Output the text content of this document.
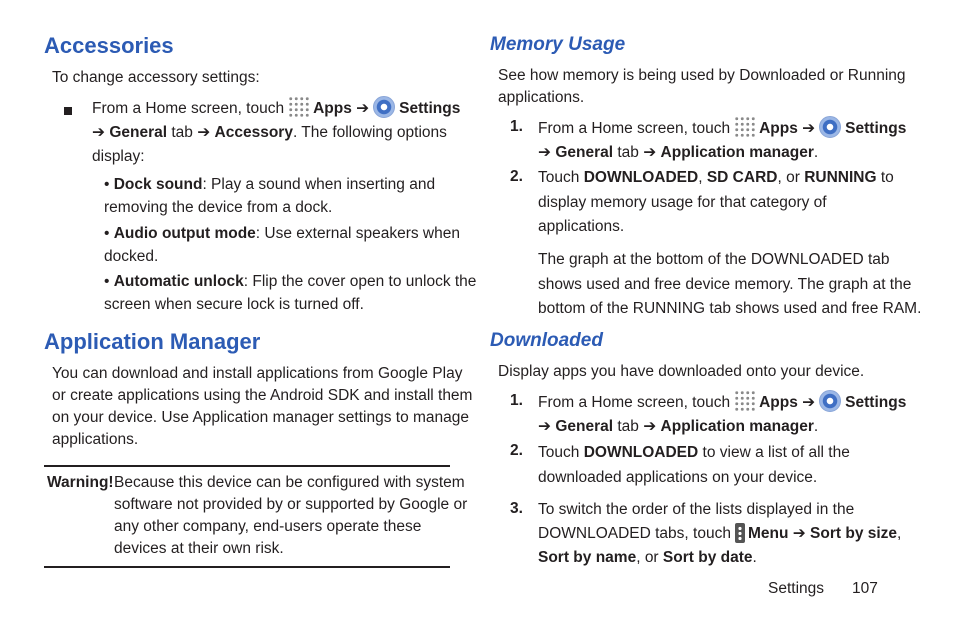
Accessories
To change accessory settings:
From a Home screen, touch Apps ➔ Settings
➔ General tab ➔ Accessory. The following options
display:
• Dock sound: Play a sound when inserting and
removing the device from a dock.
• Audio output mode: Use external speakers when
docked.
• Automatic unlock: Flip the cover open to unlock the
screen when secure lock is turned off.
Application Manager
You can download and install applications from Google Play
or create applications using the Android SDK and install them
on your device. Use Application manager settings to manage
applications.
Warning! Because this device can be configured with system
software not provided by or supported by Google or
any other company, end-users operate these
devices at their own risk.
Memory Usage
See how memory is being used by Downloaded or Running
applications.
1. From a Home screen, touch Apps ➔ Settings
➔ General tab ➔ Application manager.
2. Touch DOWNLOADED, SD CARD, or RUNNING to
display memory usage for that category of
applications.
The graph at the bottom of the DOWNLOADED tab
shows used and free device memory. The graph at the
bottom of the RUNNING tab shows used and free RAM.
Downloaded
Display apps you have downloaded onto your device.
1. From a Home screen, touch Apps ➔ Settings
➔ General tab ➔ Application manager.
2. Touch DOWNLOADED to view a list of all the
downloaded applications on your device.
3. To switch the order of the lists displayed in the
DOWNLOADED tabs, touch Menu ➔ Sort by size,
Sort by name, or Sort by date.
Settings 107
